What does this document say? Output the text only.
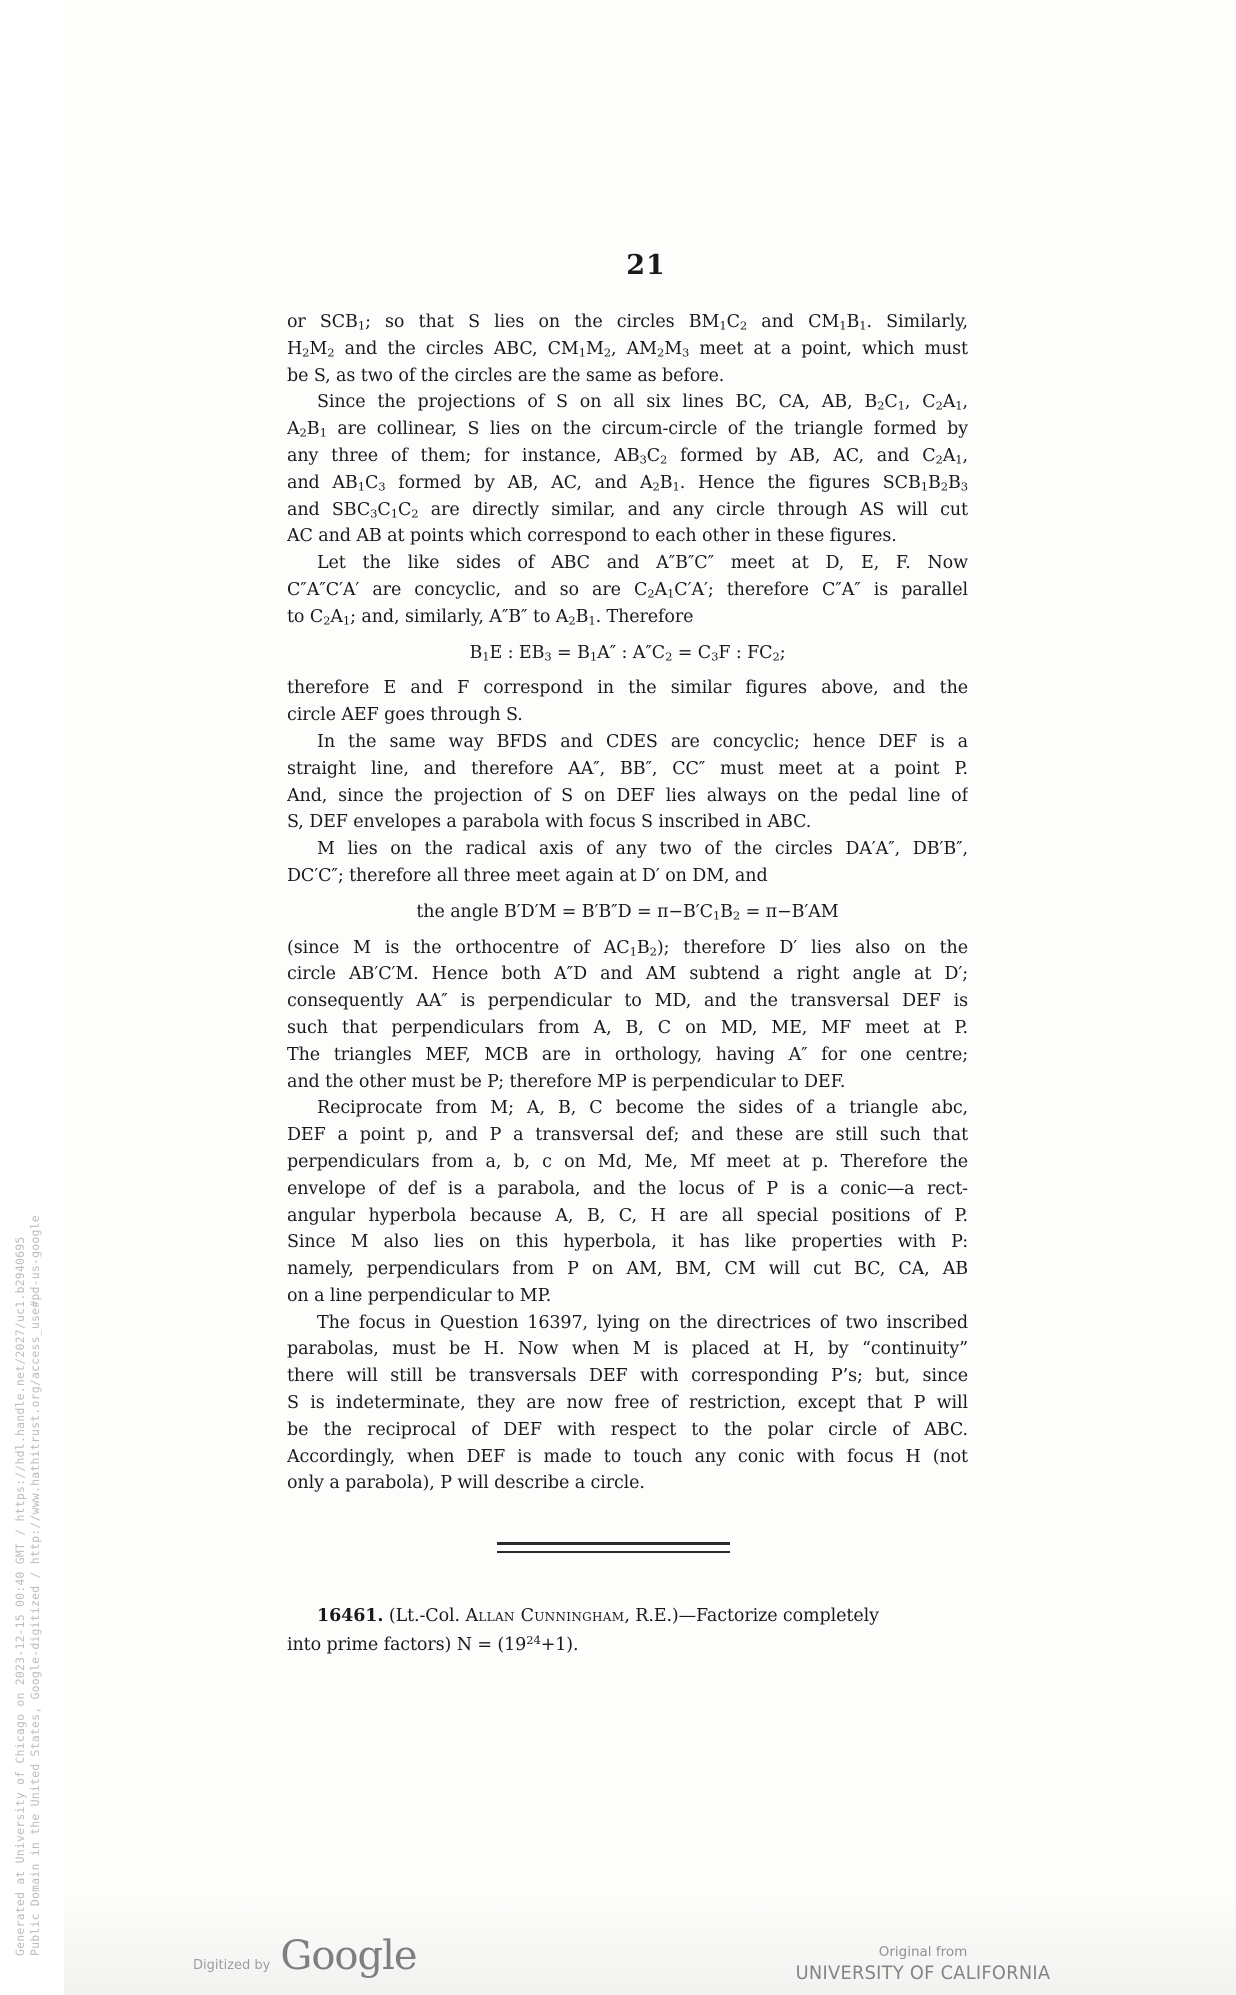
21
or $SCB_1$; so that S lies on the circles $BM_1C_2$ and $CM_1B_1$. Similarly,
$H_2M_2$ and the circles ABC, $CM_1M_2$, $AM_2M_3$ meet at a point, which must
be S, as two of the circles are the same as before.
Since the projections of S on all six lines BC, CA, AB, $B_2C_1$, $C_2A_1$,
$A_2B_1$ are collinear, S lies on the circum-circle of the triangle formed by
any three of them; for instance, $AB_3C_2$ formed by AB, AC, and $C_2A_1$,
and $AB_1C_3$ formed by AB, AC, and $A_2B_1$. Hence the figures $SCB_1B_2B_3$
and $SBC_3C_1C_2$ are directly similar, and any circle through AS will cut
AC and AB at points which correspond to each other in these figures.
Let the like sides of ABC and A″B″C″ meet at D, E, F. Now
C″A″C′A′ are concyclic, and so are $C_2A_1C'A'$; therefore C″A″ is parallel
to $C_2A_1$; and, similarly, A″B″ to $A_2B_1$. Therefore
$B_1E$ : $EB_3 = B_1A''$ : $A''C_2 = C_3F$ : $FC_2$;
therefore E and F correspond in the similar figures above, and the
circle AEF goes through S.
In the same way BFDS and CDES are concyclic; hence DEF is a
straight line, and therefore AA″, BB″, CC″ must meet at a point P.
And, since the projection of S on DEF lies always on the pedal line of
S, DEF envelopes a parabola with focus S inscribed in ABC.
M lies on the radical axis of any two of the circles DA′A″, DB′B″,
DC′C″; therefore all three meet again at D′ on DM, and
the angle $B'D'M = B'B''D = \pi-B'C_1B_2 = \pi-B'AM$
(since M is the orthocentre of $AC_1B_2$); therefore D′ lies also on the
circle AB′C′M. Hence both A″D and AM subtend a right angle at D′;
consequently AA″ is perpendicular to MD, and the transversal DEF is
such that perpendiculars from A, B, C on MD, ME, MF meet at P.
The triangles MEF, MCB are in orthology, having A″ for one centre;
and the other must be P; therefore MP is perpendicular to DEF.
Reciprocate from M; A, B, C become the sides of a triangle abc,
DEF a point p, and P a transversal def; and these are still such that
perpendiculars from a, b, c on Md, Me, Mf meet at p. Therefore the
envelope of def is a parabola, and the locus of P is a conic—a rect-
angular hyperbola because A, B, C, H are all special positions of P.
Since M also lies on this hyperbola, it has like properties with P:
namely, perpendiculars from P on AM, BM, CM will cut BC, CA, AB
on a line perpendicular to MP.
The focus in Question 16397, lying on the directrices of two inscribed
parabolas, must be H. Now when M is placed at H, by “continuity”
there will still be transversals DEF with corresponding P’s; but, since
S is indeterminate, they are now free of restriction, except that P will
be the reciprocal of DEF with respect to the polar circle of ABC.
Accordingly, when DEF is made to touch any conic with focus H (not
only a parabola), P will describe a circle.
16461. (Lt.-Col. Allan Cunningham, R.E.)—Factorize completely
into prime factors) $N = (19^{24}+1)$.
Generated at University of Chicago on 2023-12-15 00:40 GMT / https://hdl.handle.net/2027/uc1.b2940695 Public Domain in the United States, Google-digitized / http://www.hathitrust.org/access_use#pd-us-google
Digitized by Google	Original from
UNIVERSITY OF CALIFORNIA
